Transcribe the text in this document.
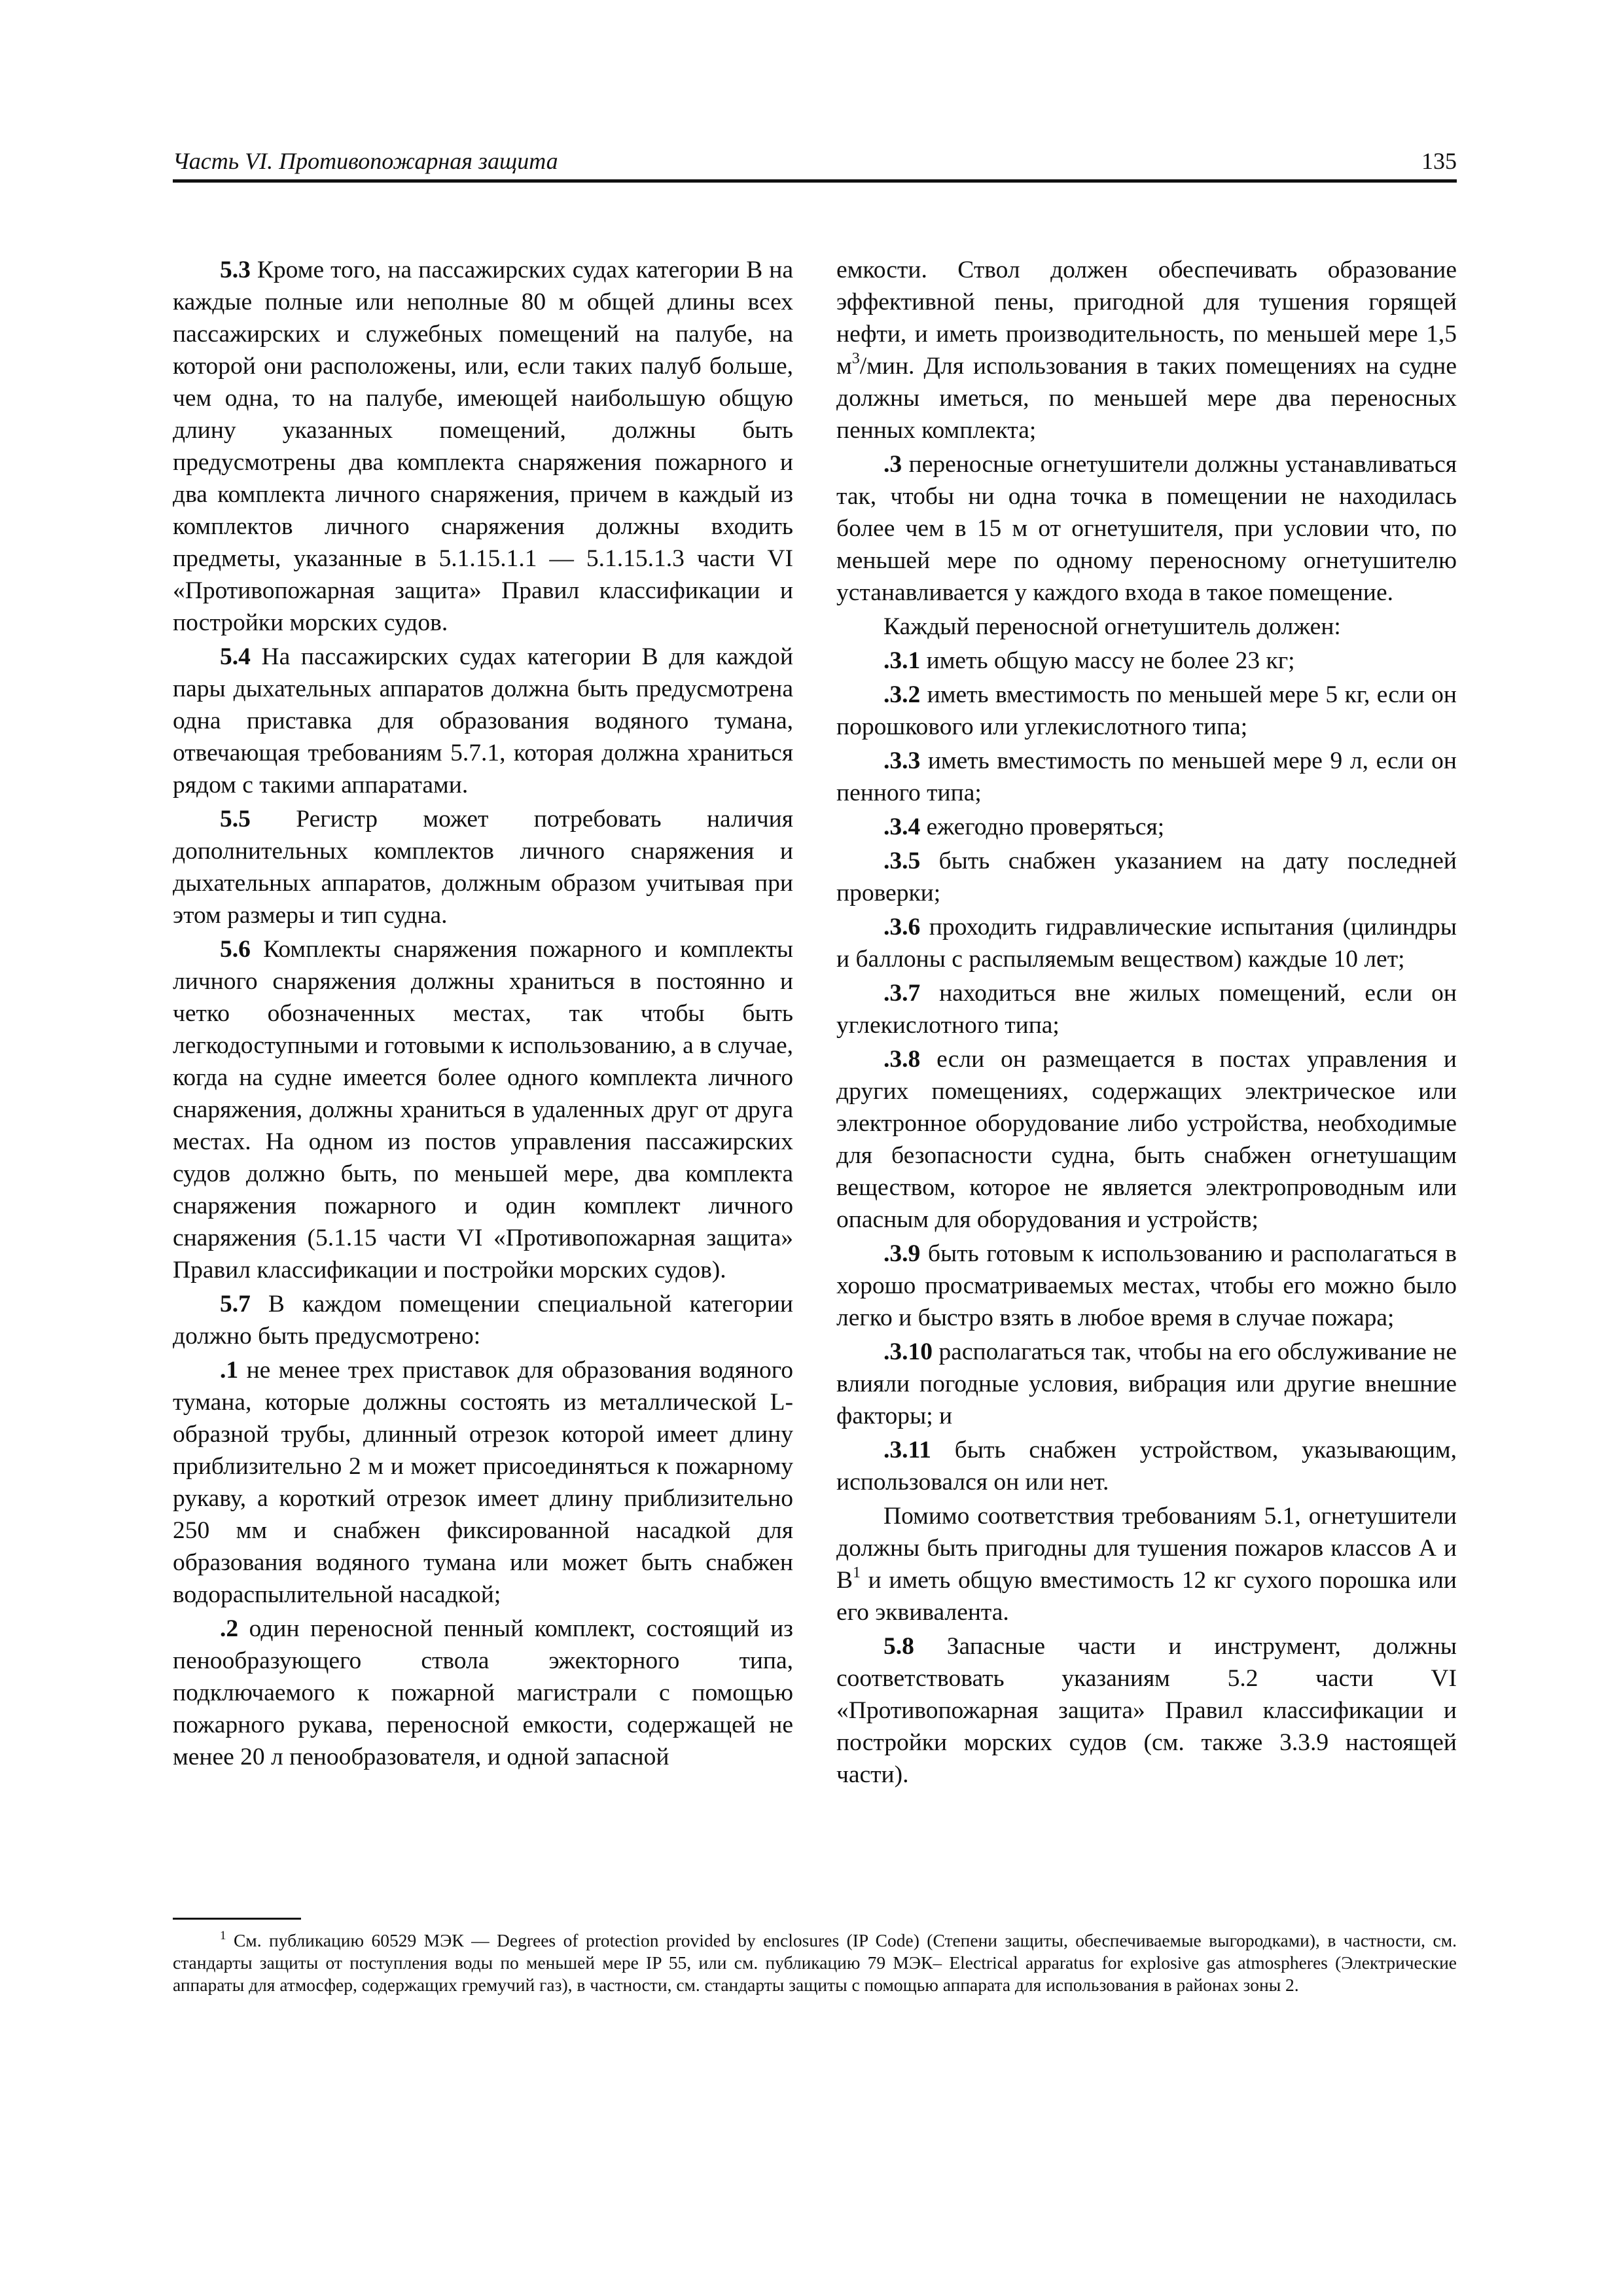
Часть VI. Противопожарная защита	135

5.3 Кроме того, на пассажирских судах категории В на каждые полные или неполные 80 м общей длины всех пассажирских и служебных помещений на палубе, на которой они расположены, или, если таких палуб больше, чем одна, то на палубе, имеющей наибольшую общую длину указанных помещений, должны быть предусмотрены два комплекта снаряжения пожарного и два комплекта личного снаряжения, причем в каждый из комплектов личного снаряжения должны входить предметы, указанные в 5.1.15.1.1 — 5.1.15.1.3 части VI «Противопожарная защита» Правил классификации и постройки морских судов.

5.4 На пассажирских судах категории В для каждой пары дыхательных аппаратов должна быть предусмотрена одна приставка для образования водяного тумана, отвечающая требованиям 5.7.1, которая должна храниться рядом с такими аппаратами.

5.5 Регистр может потребовать наличия дополнительных комплектов личного снаряжения и дыхательных аппаратов, должным образом учитывая при этом размеры и тип судна.

5.6 Комплекты снаряжения пожарного и комплекты личного снаряжения должны храниться в постоянно и четко обозначенных местах, так чтобы быть легкодоступными и готовыми к использованию, а в случае, когда на судне имеется более одного комплекта личного снаряжения, должны храниться в удаленных друг от друга местах. На одном из постов управления пассажирских судов должно быть, по меньшей мере, два комплекта снаряжения пожарного и один комплект личного снаряжения (5.1.15 части VI «Противопожарная защита» Правил классификации и постройки морских судов).

5.7 В каждом помещении специальной категории должно быть предусмотрено:

.1 не менее трех приставок для образования водяного тумана, которые должны состоять из металлической L-образной трубы, длинный отрезок которой имеет длину приблизительно 2 м и может присоединяться к пожарному рукаву, а короткий отрезок имеет длину приблизительно 250 мм и снабжен фиксированной насадкой для образования водяного тумана или может быть снабжен водораспылительной насадкой;

.2 один переносной пенный комплект, состоящий из пенообразующего ствола эжекторного типа, подключаемого к пожарной магистрали с помощью пожарного рукава, переносной емкости, содержащей не менее 20 л пенообразователя, и одной запасной

емкости. Ствол должен обеспечивать образование эффективной пены, пригодной для тушения горящей нефти, и иметь производительность, по меньшей мере 1,5 $м^3$/мин. Для использования в таких помещениях на судне должны иметься, по меньшей мере два переносных пенных комплекта;

.3 переносные огнетушители должны устанавливаться так, чтобы ни одна точка в помещении не находилась более чем в 15 м от огнетушителя, при условии что, по меньшей мере по одному переносному огнетушителю устанавливается у каждого входа в такое помещение.

Каждый переносной огнетушитель должен:

.3.1 иметь общую массу не более 23 кг;

.3.2 иметь вместимость по меньшей мере 5 кг, если он порошкового или углекислотного типа;

.3.3 иметь вместимость по меньшей мере 9 л, если он пенного типа;

.3.4 ежегодно проверяться;

.3.5 быть снабжен указанием на дату последней проверки;

.3.6 проходить гидравлические испытания (цилиндры и баллоны с распыляемым веществом) каждые 10 лет;

.3.7 находиться вне жилых помещений, если он углекислотного типа;

.3.8 если он размещается в постах управления и других помещениях, содержащих электрическое или электронное оборудование либо устройства, необходимые для безопасности судна, быть снабжен огнетушащим веществом, которое не является электропроводным или опасным для оборудования и устройств;

.3.9 быть готовым к использованию и располагаться в хорошо просматриваемых местах, чтобы его можно было легко и быстро взять в любое время в случае пожара;

.3.10 располагаться так, чтобы на его обслуживание не влияли погодные условия, вибрация или другие внешние факторы; и

.3.11 быть снабжен устройством, указывающим, использовался он или нет.

Помимо соответствия требованиям 5.1, огнетушители должны быть пригодны для тушения пожаров классов А и $В^1$ и иметь общую вместимость 12 кг сухого порошка или его эквивалента.

5.8 Запасные части и инструмент, должны соответствовать указаниям 5.2 части VI «Противопожарная защита» Правил классификации и постройки морских судов (см. также 3.3.9 настоящей части).

$^1$ См. публикацию 60529 МЭК — Degrees of protection provided by enclosures (IP Code) (Степени защиты, обеспечиваемые выгородками), в частности, см. стандарты защиты от поступления воды по меньшей мере IP 55, или см. публикацию 79 МЭК– Electrical apparatus for explosive gas atmospheres (Электрические аппараты для атмосфер, содержащих гремучий газ), в частности, см. стандарты защиты с помощью аппарата для использования в районах зоны 2.
